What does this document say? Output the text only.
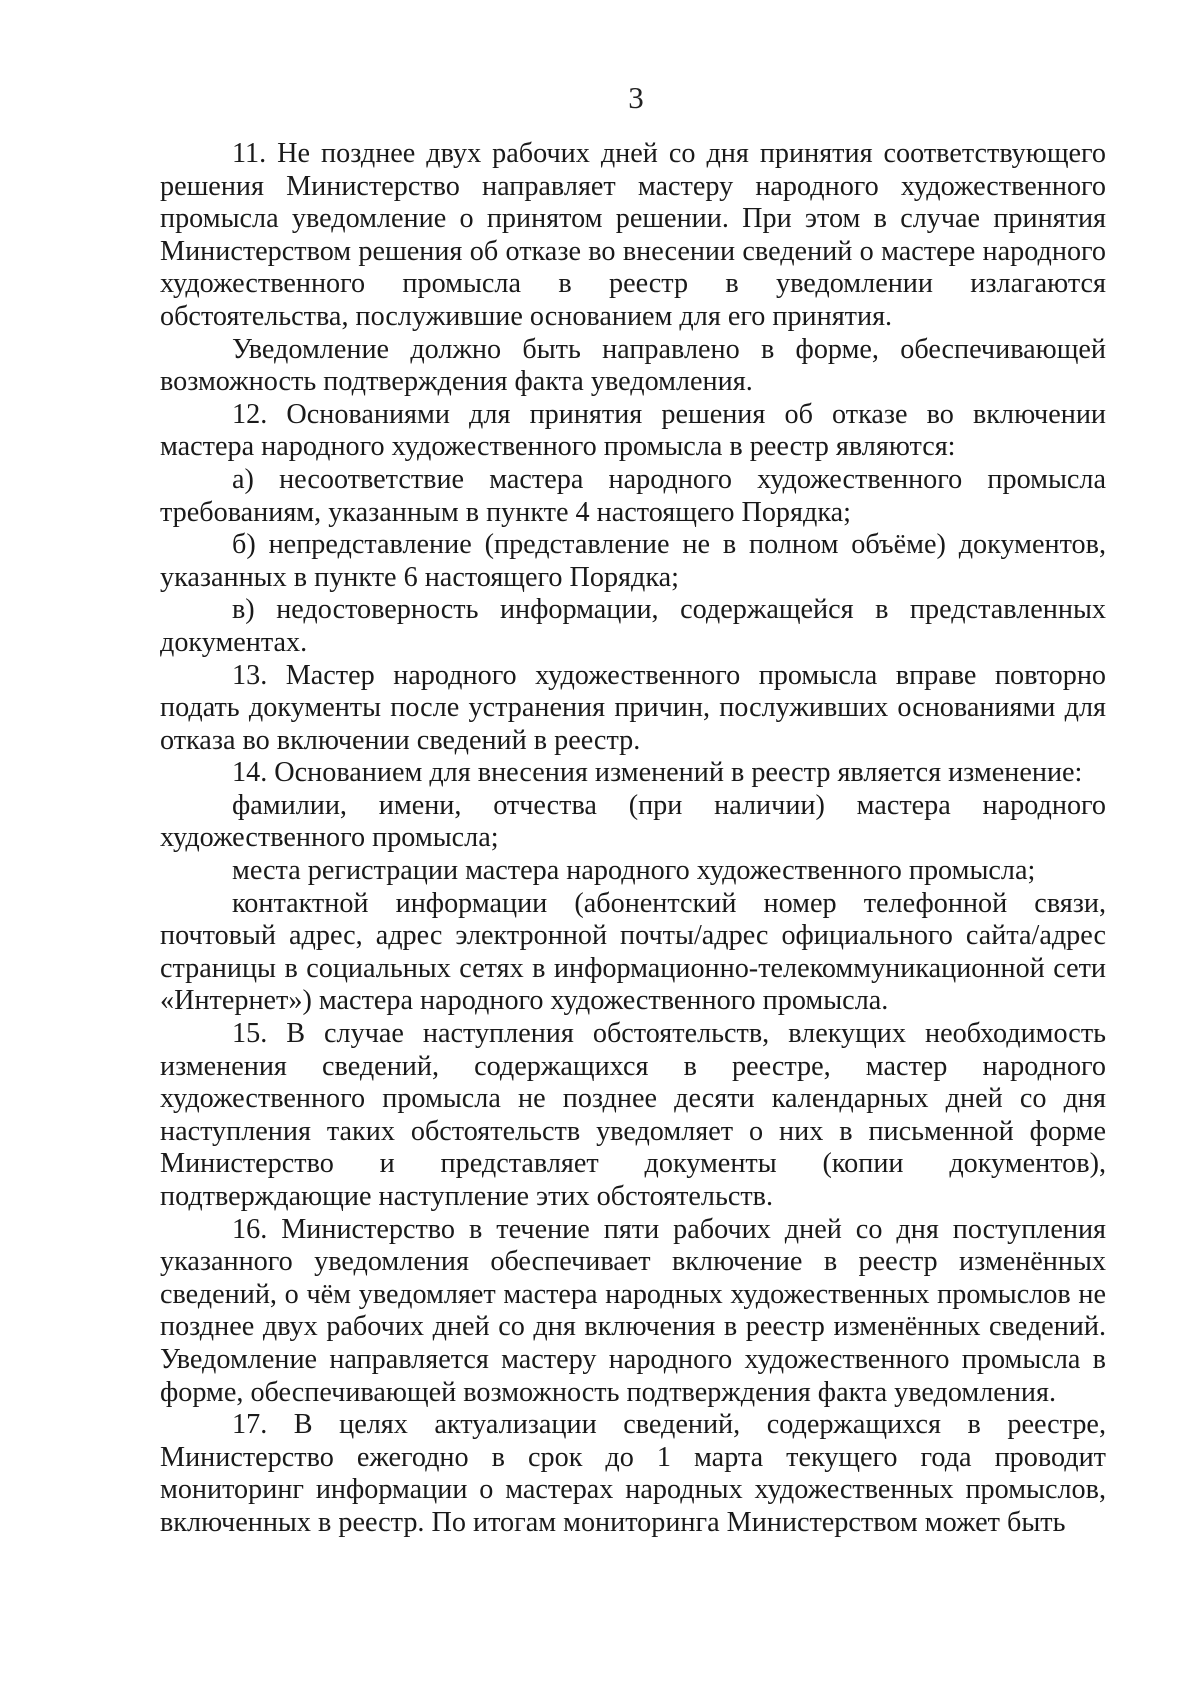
3

11. Не позднее двух рабочих дней со дня принятия соответствующего решения Министерство направляет мастеру народного художественного промысла уведомление о принятом решении. При этом в случае принятия Министерством решения об отказе во внесении сведений о мастере народного художественного промысла в реестр в уведомлении излагаются обстоятельства, послужившие основанием для его принятия.

Уведомление должно быть направлено в форме, обеспечивающей возможность подтверждения факта уведомления.

12. Основаниями для принятия решения об отказе во включении мастера народного художественного промысла в реестр являются:

а) несоответствие мастера народного художественного промысла требованиям, указанным в пункте 4 настоящего Порядка;

б) непредставление (представление не в полном объёме) документов, указанных в пункте 6 настоящего Порядка;

в) недостоверность информации, содержащейся в представленных документах.

13. Мастер народного художественного промысла вправе повторно подать документы после устранения причин, послуживших основаниями для отказа во включении сведений в реестр.

14. Основанием для внесения изменений в реестр является изменение:

фамилии, имени, отчества (при наличии) мастера народного художественного промысла;

места регистрации мастера народного художественного промысла;

контактной информации (абонентский номер телефонной связи, почтовый адрес, адрес электронной почты/адрес официального сайта/адрес страницы в социальных сетях в информационно-телекоммуникационной сети «Интернет») мастера народного художественного промысла.

15. В случае наступления обстоятельств, влекущих необходимость изменения сведений, содержащихся в реестре, мастер народного художественного промысла не позднее десяти календарных дней со дня наступления таких обстоятельств уведомляет о них в письменной форме Министерство и представляет документы (копии документов), подтверждающие наступление этих обстоятельств.

16. Министерство в течение пяти рабочих дней со дня поступления указанного уведомления обеспечивает включение в реестр изменённых сведений, о чём уведомляет мастера народных художественных промыслов не позднее двух рабочих дней со дня включения в реестр изменённых сведений. Уведомление направляется мастеру народного художественного промысла в форме, обеспечивающей возможность подтверждения факта уведомления.

17. В целях актуализации сведений, содержащихся в реестре, Министерство ежегодно в срок до 1 марта текущего года проводит мониторинг информации о мастерах народных художественных промыслов, включенных в реестр. По итогам мониторинга Министерством может быть
